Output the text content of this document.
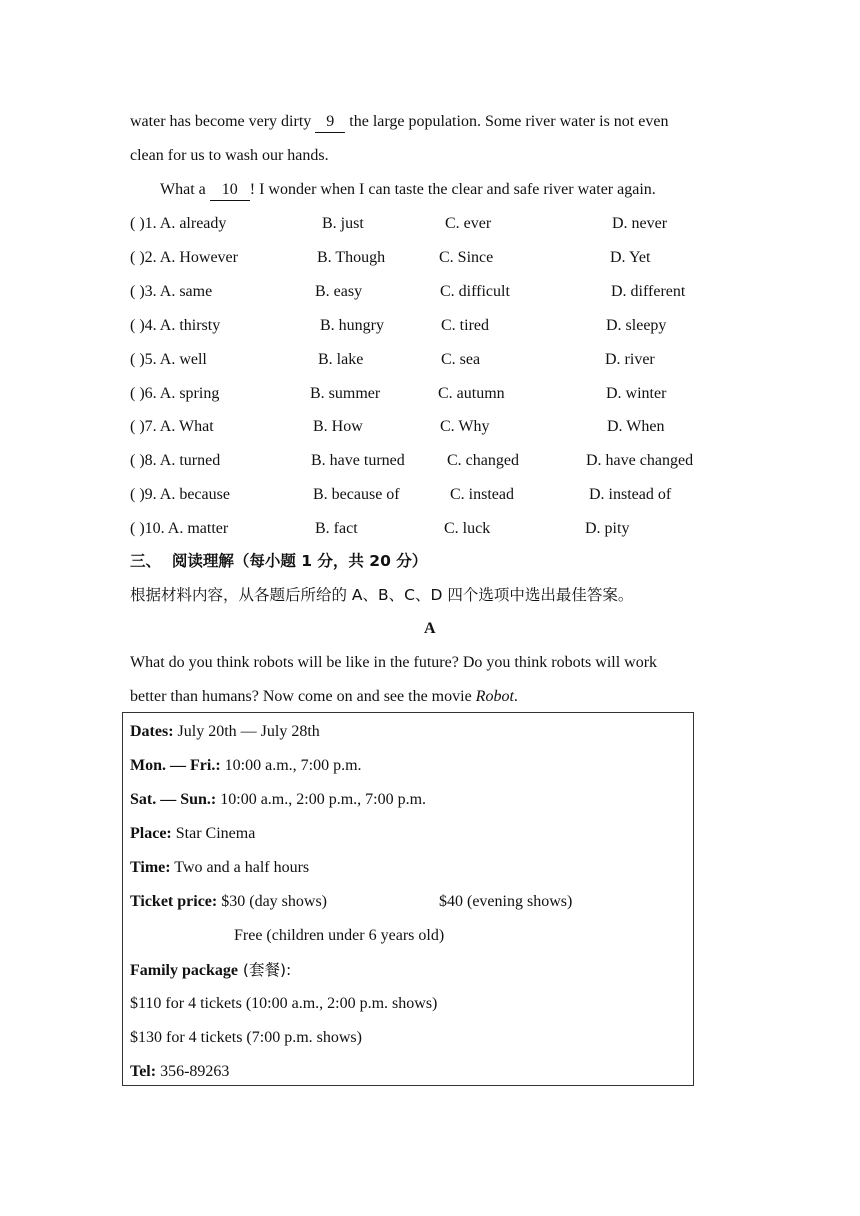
water has become very dirty 9 the large population. Some river water is not even
clean for us to wash our hands.
What a 10 ! I wonder when I can taste the clear and safe river water again.
( )1. A. already	B. just	C. ever	D. never
( )2. A. However	B. Though	C. Since	D. Yet
( )3. A. same	B. easy	C. difficult	D. different
( )4. A. thirsty	B. hungry	C. tired	D. sleepy
( )5. A. well	B. lake	C. sea	D. river
( )6. A. spring	B. summer	C. autumn	D. winter
( )7. A. What	B. How	C. Why	D. When
( )8. A. turned	B. have turned	C. changed	D. have changed
( )9. A. because	B. because of	C. instead	D. instead of
( )10. A. matter	B. fact	C. luck	D. pity
三、 阅读理解（每小题 1 分，共 20 分）
根据材料内容，从各题后所给的 A、B、C、D 四个选项中选出最佳答案。
A
What do you think robots will be like in the future? Do you think robots will work
better than humans? Now come on and see the movie Robot.
Dates: July 20th — July 28th
Mon. — Fri.: 10:00 a.m., 7:00 p.m.
Sat. — Sun.: 10:00 a.m., 2:00 p.m., 7:00 p.m.
Place: Star Cinema
Time: Two and a half hours
Ticket price: $30 (day shows)	$40 (evening shows)
Free (children under 6 years old)
Family package (套餐):
$110 for 4 tickets (10:00 a.m., 2:00 p.m. shows)
$130 for 4 tickets (7:00 p.m. shows)
Tel: 356-89263
